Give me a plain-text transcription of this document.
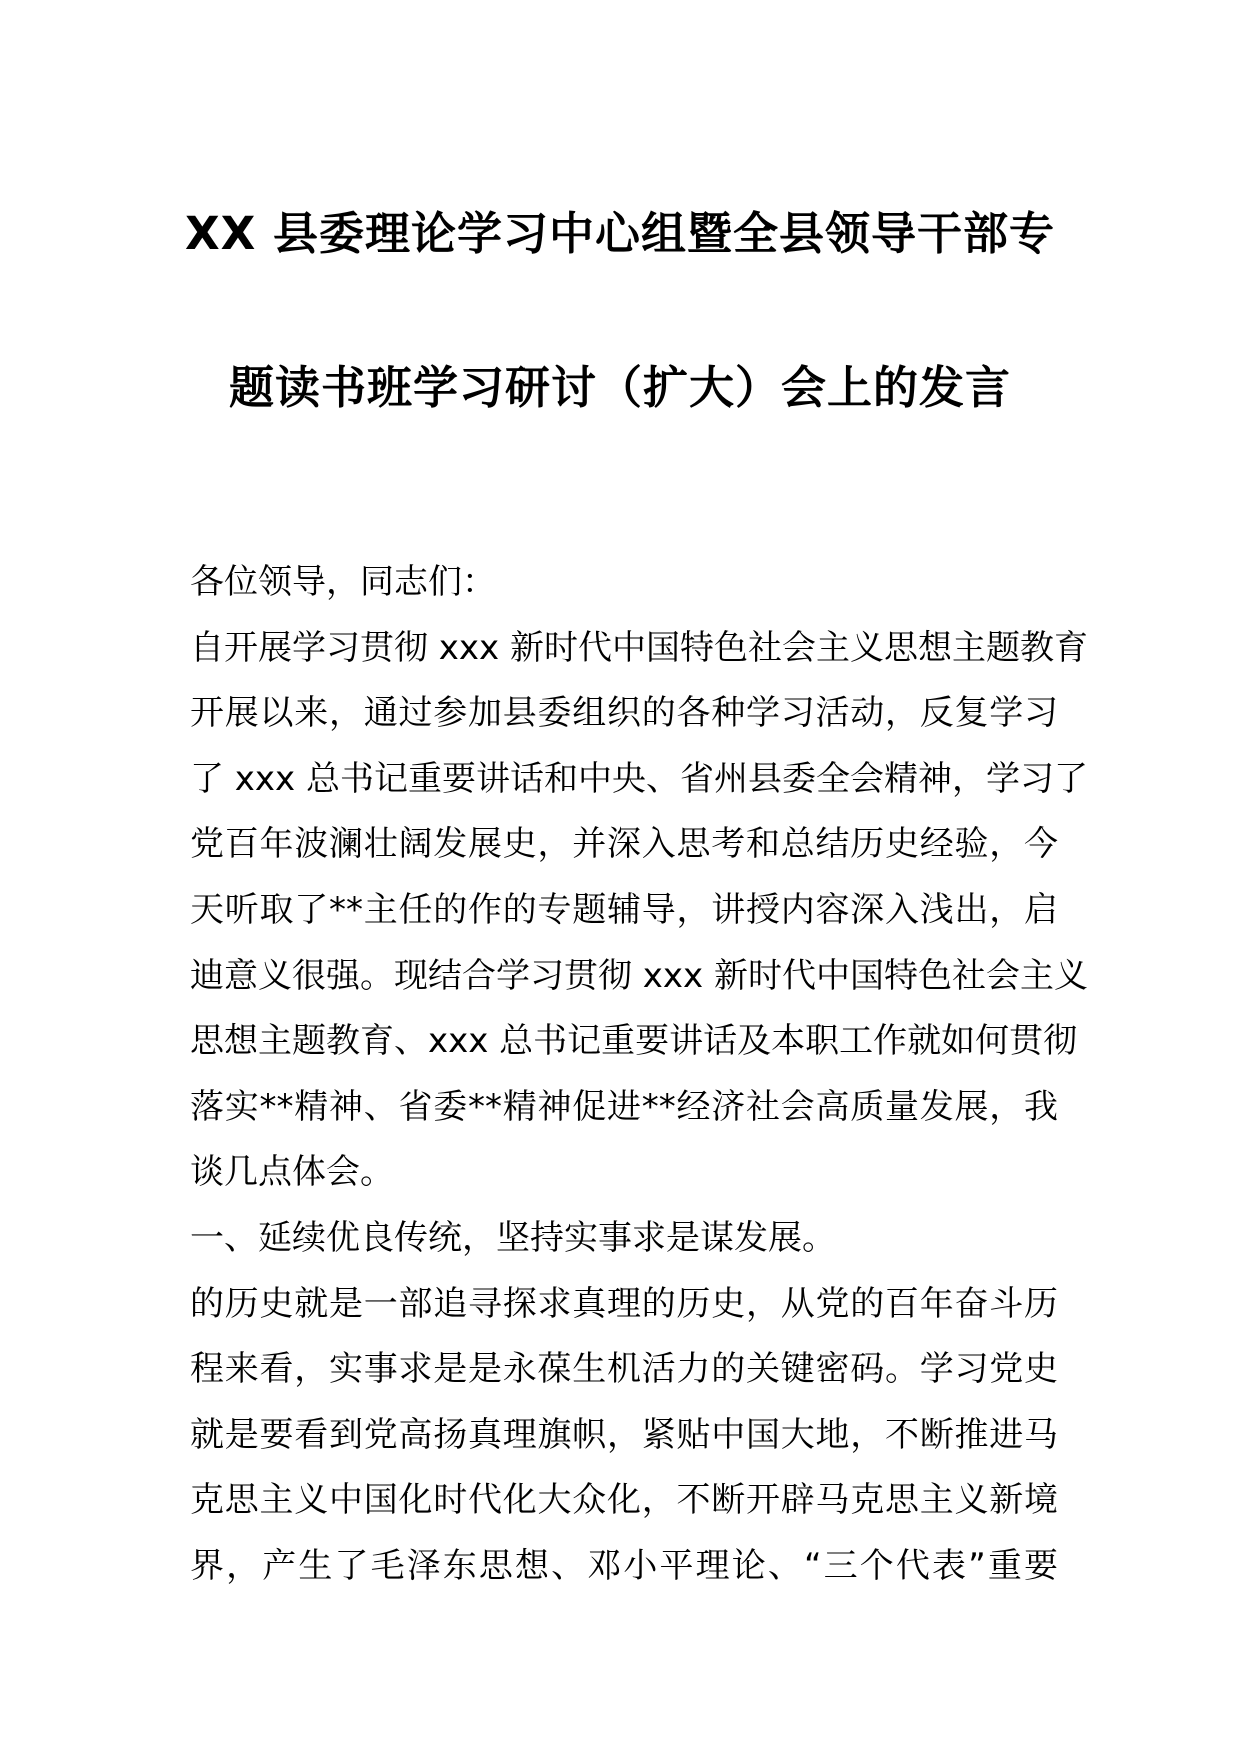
XX 县委理论学习中心组暨全县领导干部专
题读书班学习研讨（扩大）会上的发言
各位领导，同志们：
自开展学习贯彻 xxx 新时代中国特色社会主义思想主题教育
开展以来，通过参加县委组织的各种学习活动，反复学习
了 xxx 总书记重要讲话和中央、省州县委全会精神，学习了
党百年波澜壮阔发展史，并深入思考和总结历史经验，今
天听取了**主任的作的专题辅导，讲授内容深入浅出，启
迪意义很强。现结合学习贯彻 xxx 新时代中国特色社会主义
思想主题教育、xxx 总书记重要讲话及本职工作就如何贯彻
落实**精神、省委**精神促进**经济社会高质量发展，我
谈几点体会。
一、延续优良传统，坚持实事求是谋发展。
的历史就是一部追寻探求真理的历史，从党的百年奋斗历
程来看，实事求是是永葆生机活力的关键密码。学习党史
就是要看到党高扬真理旗帜，紧贴中国大地，不断推进马
克思主义中国化时代化大众化，不断开辟马克思主义新境
界，产生了毛泽东思想、邓小平理论、“三个代表”重要
